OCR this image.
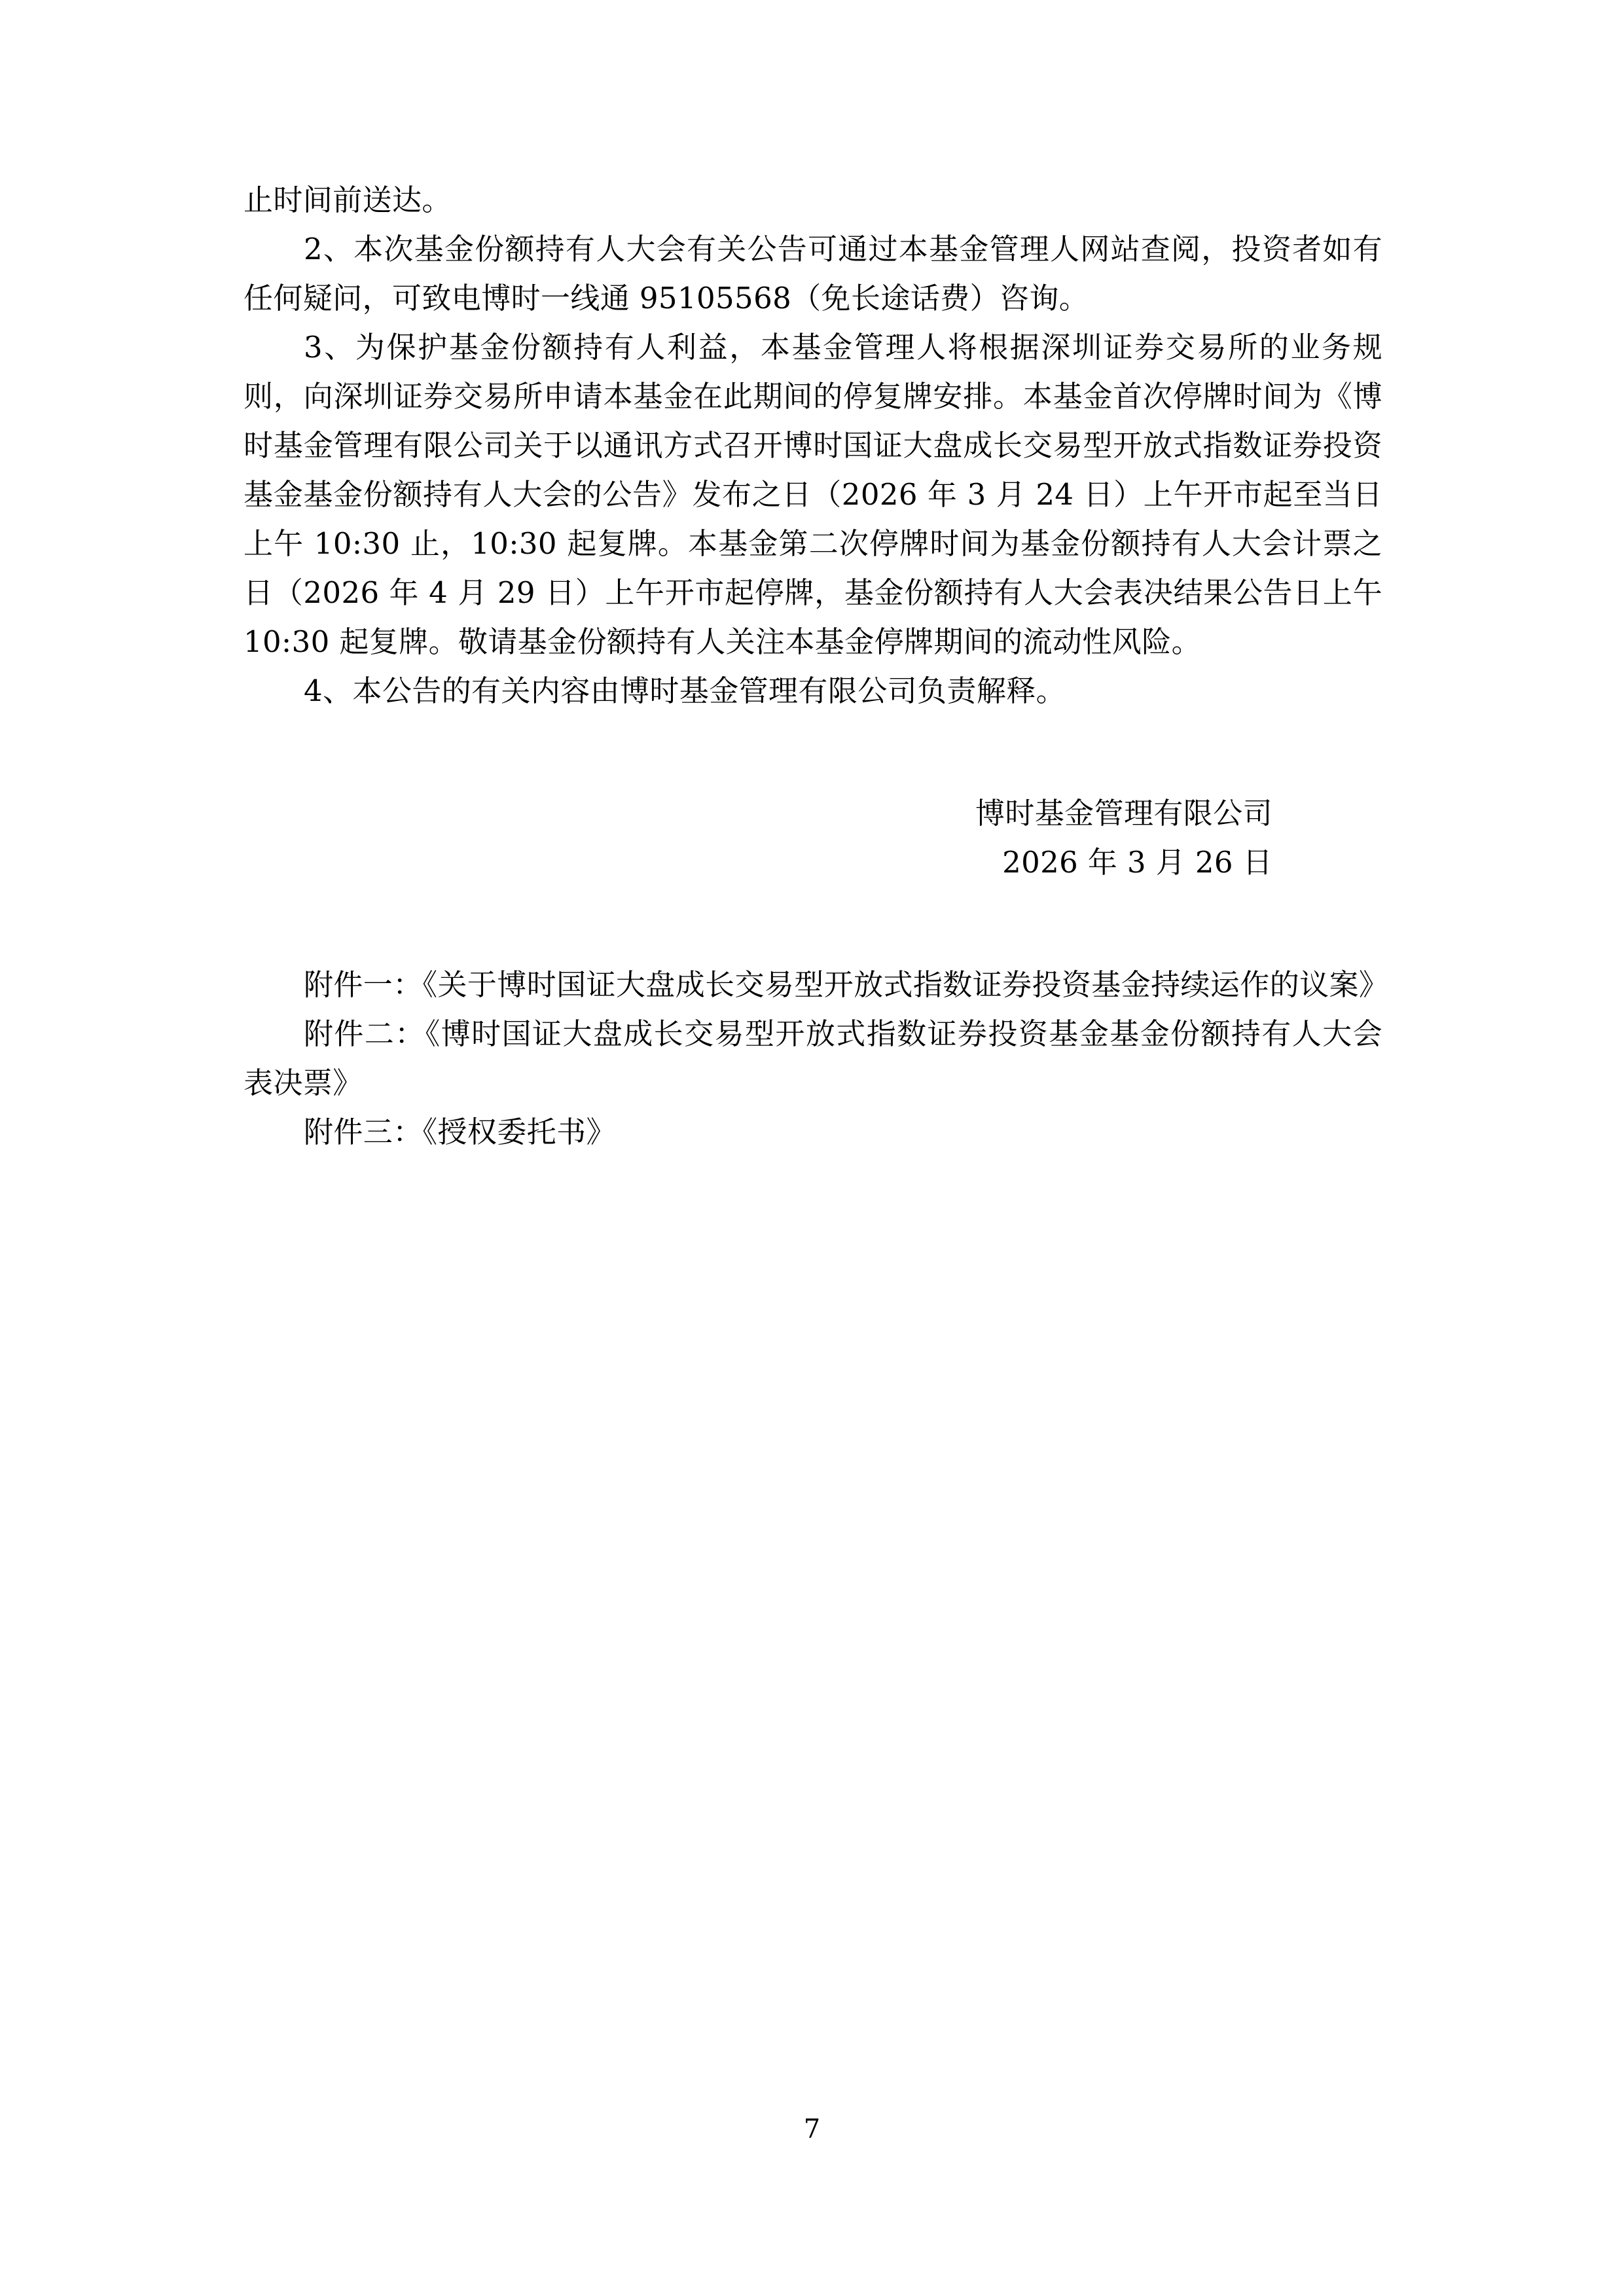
止时间前送达。

2、本次基金份额持有人大会有关公告可通过本基金管理人网站查阅，投资者如有任何疑问，可致电博时一线通 95105568（免长途话费）咨询。

3、为保护基金份额持有人利益，本基金管理人将根据深圳证券交易所的业务规则，向深圳证券交易所申请本基金在此期间的停复牌安排。本基金首次停牌时间为《博时基金管理有限公司关于以通讯方式召开博时国证大盘成长交易型开放式指数证券投资基金基金份额持有人大会的公告》发布之日（2026 年 3 月 24 日）上午开市起至当日上午 10:30 止，10:30 起复牌。本基金第二次停牌时间为基金份额持有人大会计票之日（2026 年 4 月 29 日）上午开市起停牌，基金份额持有人大会表决结果公告日上午 10:30 起复牌。敬请基金份额持有人关注本基金停牌期间的流动性风险。

4、本公告的有关内容由博时基金管理有限公司负责解释。

博时基金管理有限公司
2026 年 3 月 26 日

附件一：《关于博时国证大盘成长交易型开放式指数证券投资基金持续运作的议案》

附件二：《博时国证大盘成长交易型开放式指数证券投资基金基金份额持有人大会表决票》

附件三：《授权委托书》

7
